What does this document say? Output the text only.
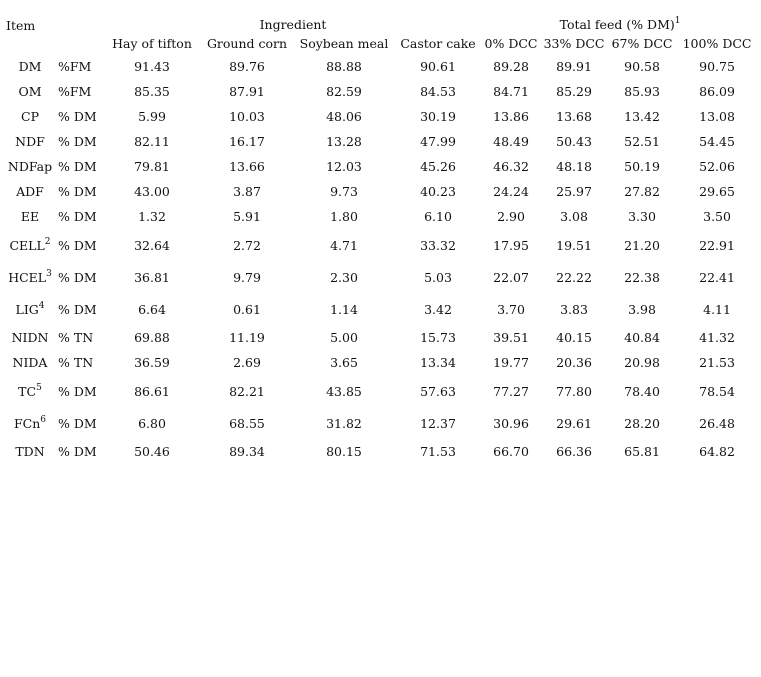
Item		Ingredient				Total feed (% DM)$^1$
		Hay of tifton	Ground corn	Soybean meal	Castor cake	0% DCC	33% DCC	67% DCC	100% DCC
DM	%FM	91.43	89.76	88.88	90.61	89.28	89.91	90.58	90.75
OM	%FM	85.35	87.91	82.59	84.53	84.71	85.29	85.93	86.09
CP	% DM	5.99	10.03	48.06	30.19	13.86	13.68	13.42	13.08
NDF	% DM	82.11	16.17	13.28	47.99	48.49	50.43	52.51	54.45
NDFap	% DM	79.81	13.66	12.03	45.26	46.32	48.18	50.19	52.06
ADF	% DM	43.00	3.87	9.73	40.23	24.24	25.97	27.82	29.65
EE	% DM	1.32	5.91	1.80	6.10	2.90	3.08	3.30	3.50
CELL$^2$	% DM	32.64	2.72	4.71	33.32	17.95	19.51	21.20	22.91
HCEL$^3$	% DM	36.81	9.79	2.30	5.03	22.07	22.22	22.38	22.41
LIG$^4$	% DM	6.64	0.61	1.14	3.42	3.70	3.83	3.98	4.11
NIDN	% TN	69.88	11.19	5.00	15.73	39.51	40.15	40.84	41.32
NIDA	% TN	36.59	2.69	3.65	13.34	19.77	20.36	20.98	21.53
$TC^5$	% DM	86.61	82.21	43.85	57.63	77.27	77.80	78.40	78.54
FCn$^6$	% DM	6.80	68.55	31.82	12.37	30.96	29.61	28.20	26.48
TDN	% DM	50.46	89.34	80.15	71.53	66.70	66.36	65.81	64.82
